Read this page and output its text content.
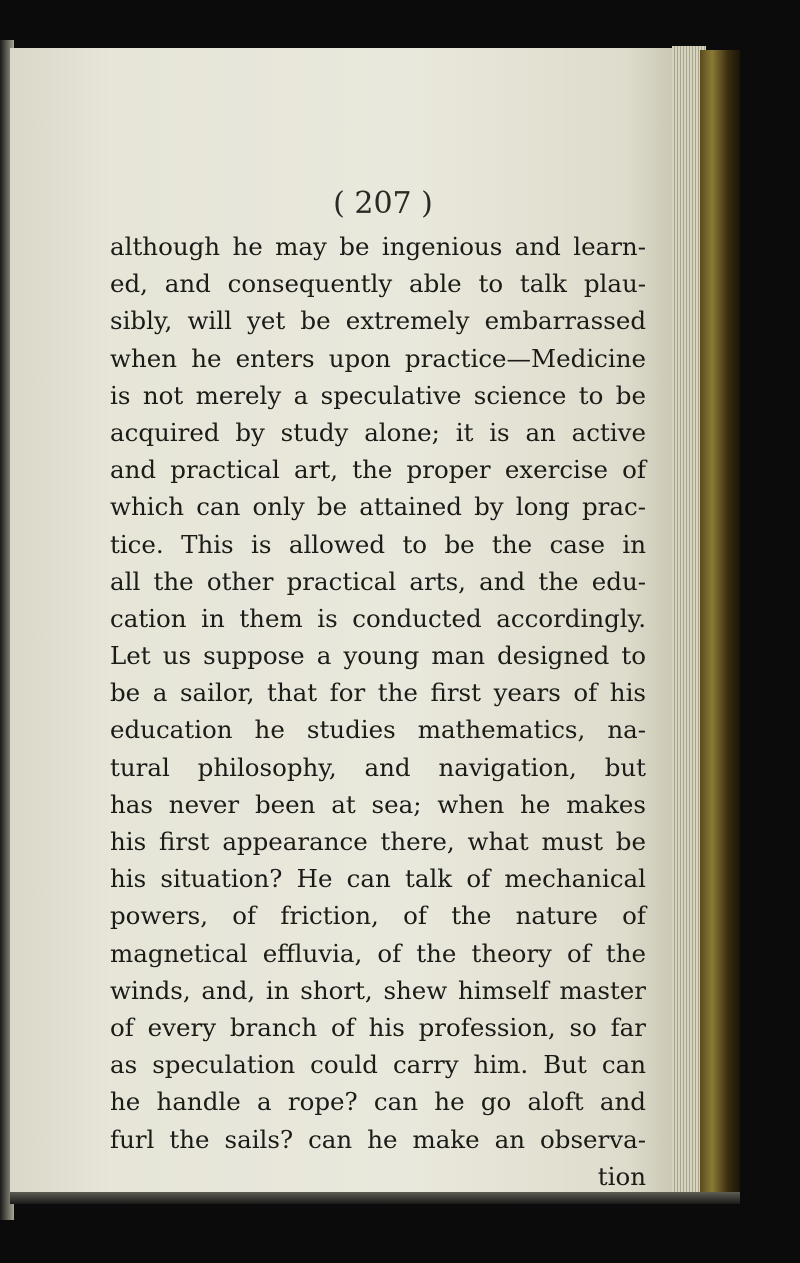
( 207 )
although he may be ingenious and learn-
ed, and consequently able to talk plau-
sibly, will yet be extremely embarrassed
when he enters upon practice—Medicine
is not merely a speculative science to be
acquired by study alone; it is an active
and practical art, the proper exercise of
which can only be attained by long prac-
tice. This is allowed to be the case in
all the other practical arts, and the edu-
cation in them is conducted accordingly.
Let us suppose a young man designed to
be a sailor, that for the first years of his
education he studies mathematics, na-
tural philosophy, and navigation, but
has never been at sea; when he makes
his first appearance there, what must be
his situation? He can talk of mechanical
powers, of friction, of the nature of
magnetical effluvia, of the theory of the
winds, and, in short, shew himself master
of every branch of his profession, so far
as speculation could carry him. But can
he handle a rope? can he go aloft and
furl the sails? can he make an observa-
tion
